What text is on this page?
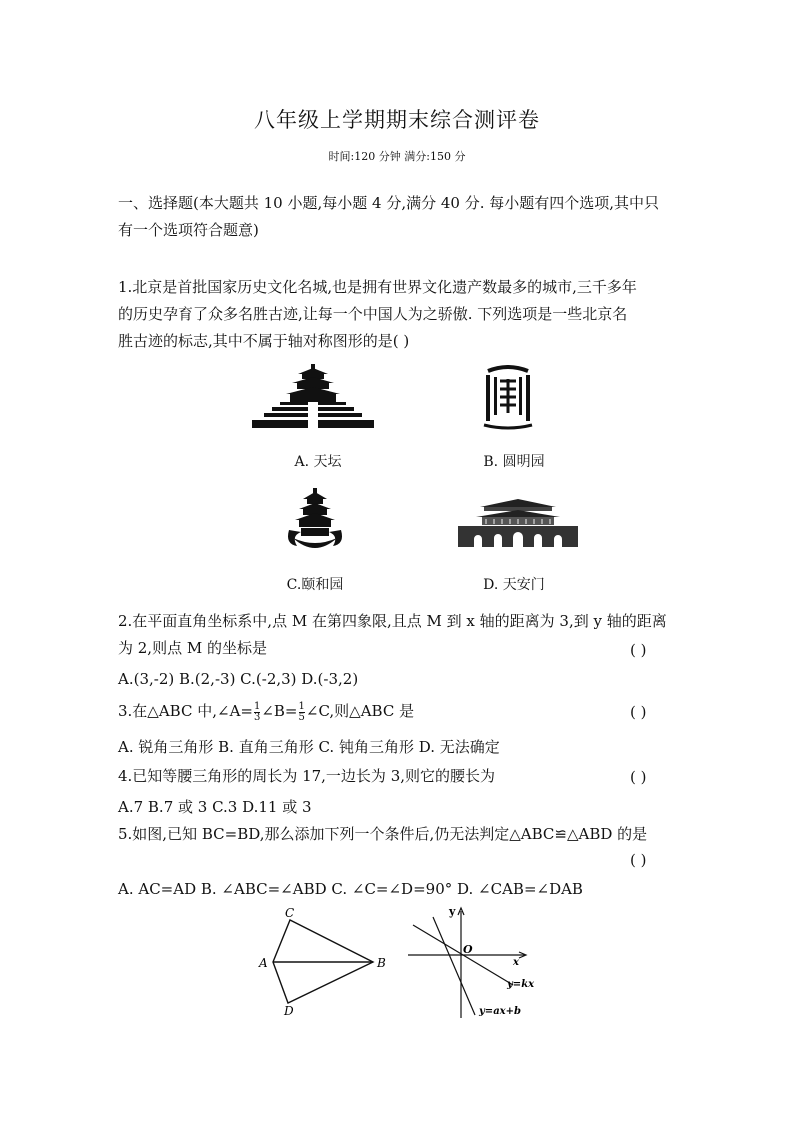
八年级上学期期末综合测评卷
时间:120 分钟 满分:150 分
一、选择题(本大题共 10 小题,每小题 4 分,满分 40 分. 每小题有四个选项,其中只
有一个选项符合题意)
1.北京是首批国家历史文化名城,也是拥有世界文化遗产数最多的城市,三千多年
的历史孕育了众多名胜古迹,让每一个中国人为之骄傲. 下列选项是一些北京名
胜古迹的标志,其中不属于轴对称图形的是( )
A. 天坛	B. 圆明园
C.颐和园	D. 天安门
2.在平面直角坐标系中,点 M 在第四象限,且点 M 到 x 轴的距离为 3,到 y 轴的距离
为 2,则点 M 的坐标是	( )
A.(3,-2) B.(2,-3) C.(-2,3) D.(-3,2)
3.在△ABC 中,∠A= $\frac{1}{3}$ ∠B= $\frac{1}{5}$ ∠C,则△ABC 是	( )
A. 锐角三角形 B. 直角三角形 C. 钝角三角形 D. 无法确定
4.已知等腰三角形的周长为 17,一边长为 3,则它的腰长为	( )
A.7 B.7 或 3 C.3 D.11 或 3
5.如图,已知 BC=BD,那么添加下列一个条件后,仍无法判定△ABC≌△ABD 的是
( )
A. AC=AD B. ∠ABC=∠ABD C. ∠C=∠D=90° D. ∠CAB=∠DAB
C
A	B
D
y
x
O
y=kx
y=ax+b
